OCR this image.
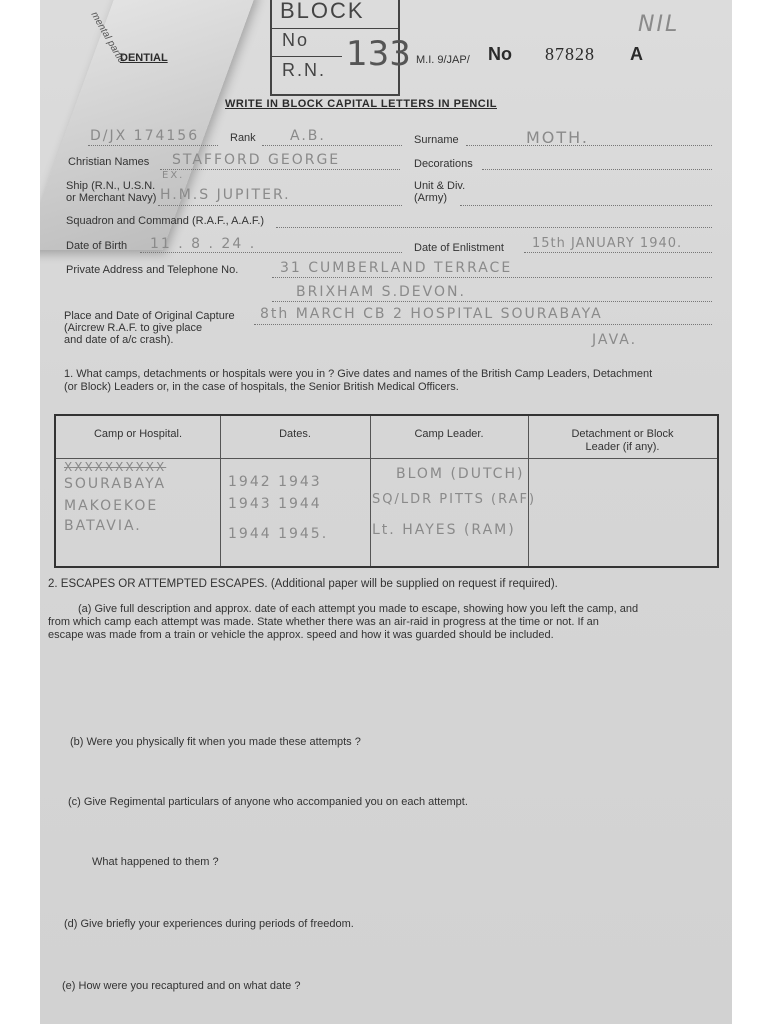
mental partic	BLOCK
No
R.N. 133
DENTIAL	M.I. 9/JAP/ No 87828 A
NIL
WRITE IN BLOCK CAPITAL LETTERS IN PENCIL
D/JX 174156	Rank A.B.	Surname	MOTH.
Christian Names STAFFORD GEORGE	Decorations
Ship (R.N., U.S.N.
or Merchant Navy)
EX.
H.M.S JUPITER.
Unit & Div.
(Army)
Squadron and Command (R.A.F., A.A.F.)
Date of Birth 11 . 8 . 24 .	Date of Enlistment 15th JANUARY 1940.
Private Address and Telephone No.	31 CUMBERLAND TERRACE
BRIXHAM S.DEVON.
Place and Date of Original Capture
(Aircrew R.A.F. to give place
and date of a/c crash).
8th MARCH CB 2 HOSPITAL SOURABAYA
JAVA.
1. What camps, detachments or hospitals were you in ? Give dates and names of the British Camp Leaders, Detachment
(or Block) Leaders or, in the case of hospitals, the Senior British Medical Officers.
Camp or Hospital.	Dates.	Camp Leader.	Detachment or Block
Leader (if any).
XXXXXXXXXX
SOURABAYA	1942 1943	BLOM (DUTCH)
MAKOEKOE	1943 1944	SQ/LDR PITTS (RAF)
BATAVIA.	1944 1945.	Lt. HAYES (RAM)
2. ESCAPES OR ATTEMPTED ESCAPES. (Additional paper will be supplied on request if required).
(a) Give full description and approx. date of each attempt you made to escape, showing how you left the camp, and
from which camp each attempt was made. State whether there was an air-raid in progress at the time or not. If an
escape was made from a train or vehicle the approx. speed and how it was guarded should be included.
(b) Were you physically fit when you made these attempts ?
(c) Give Regimental particulars of anyone who accompanied you on each attempt.
What happened to them ?
(d) Give briefly your experiences during periods of freedom.
(e) How were you recaptured and on what date ?
